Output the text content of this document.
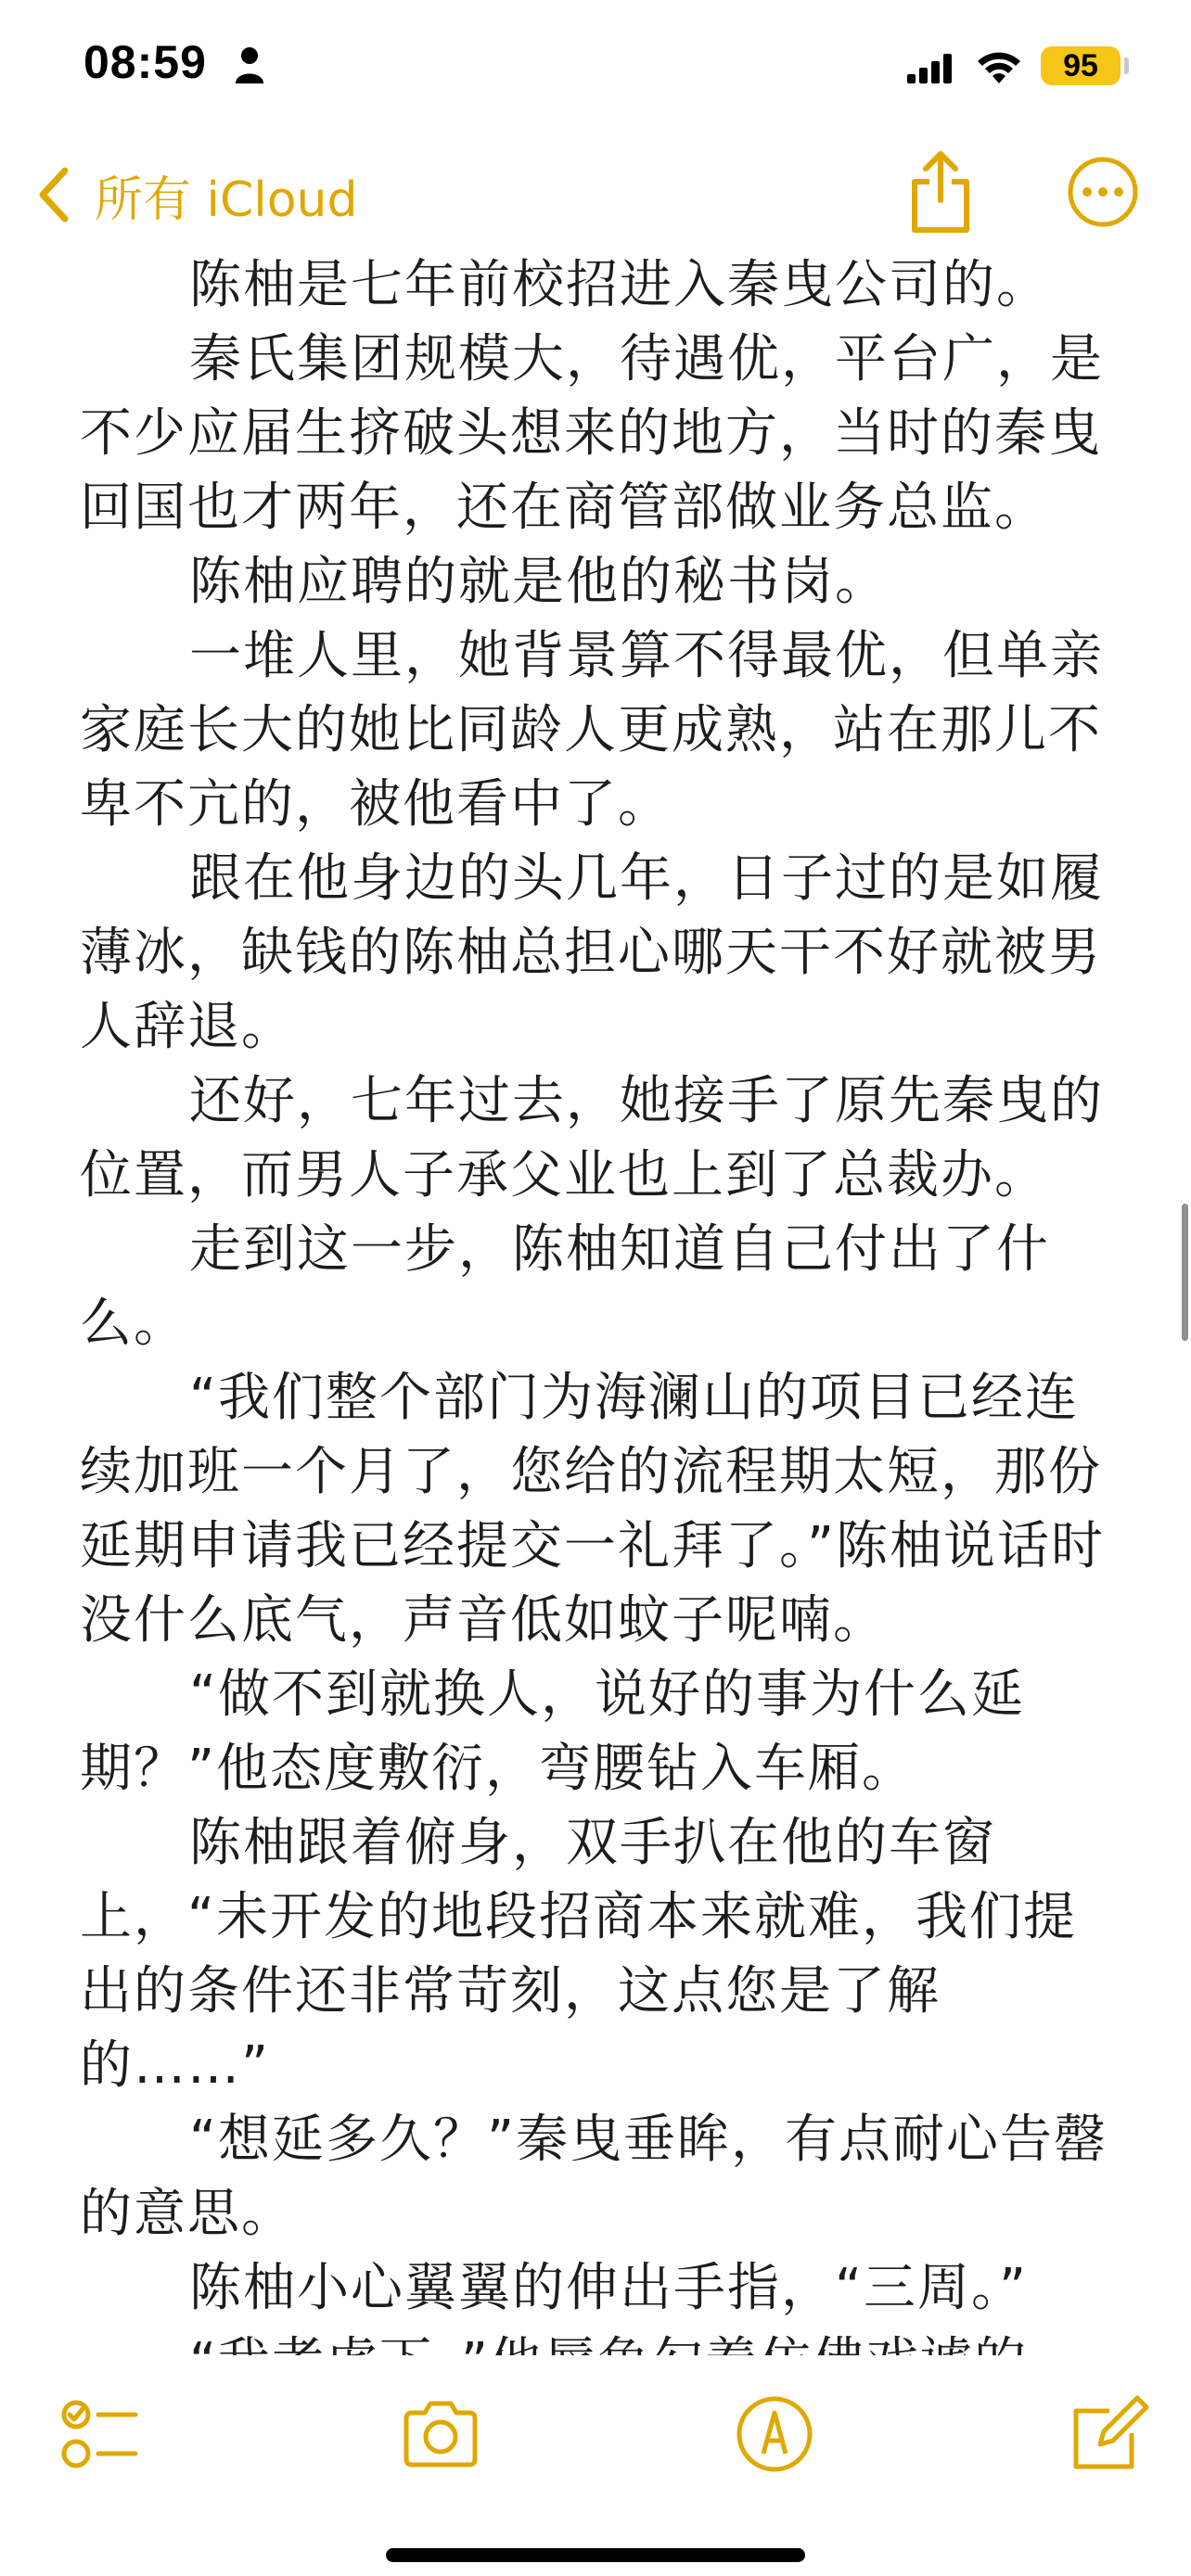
08:59	95
所有 iCloud

陈柚是七年前校招进入秦曳公司的。

秦氏集团规模大，待遇优，平台广，是不少应届生挤破头想来的地方，当时的秦曳回国也才两年，还在商管部做业务总监。

陈柚应聘的就是他的秘书岗。

一堆人里，她背景算不得最优，但单亲家庭长大的她比同龄人更成熟，站在那儿不卑不亢的，被他看中了。

跟在他身边的头几年，日子过的是如履薄冰，缺钱的陈柚总担心哪天干不好就被男人辞退。

还好，七年过去，她接手了原先秦曳的位置，而男人子承父业也上到了总裁办。

走到这一步，陈柚知道自己付出了什么。

“我们整个部门为海澜山的项目已经连续加班一个月了，您给的流程期太短，那份延期申请我已经提交一礼拜了。”陈柚说话时没什么底气，声音低如蚊子呢喃。

“做不到就换人，说好的事为什么延期？”他态度敷衍，弯腰钻入车厢。

陈柚跟着俯身，双手扒在他的车窗上，“未开发的地段招商本来就难，我们提出的条件还非常苛刻，这点您是了解的……”

“想延多久？”秦曳垂眸，有点耐心告罄的意思。

陈柚小心翼翼的伸出手指，“三周。”
